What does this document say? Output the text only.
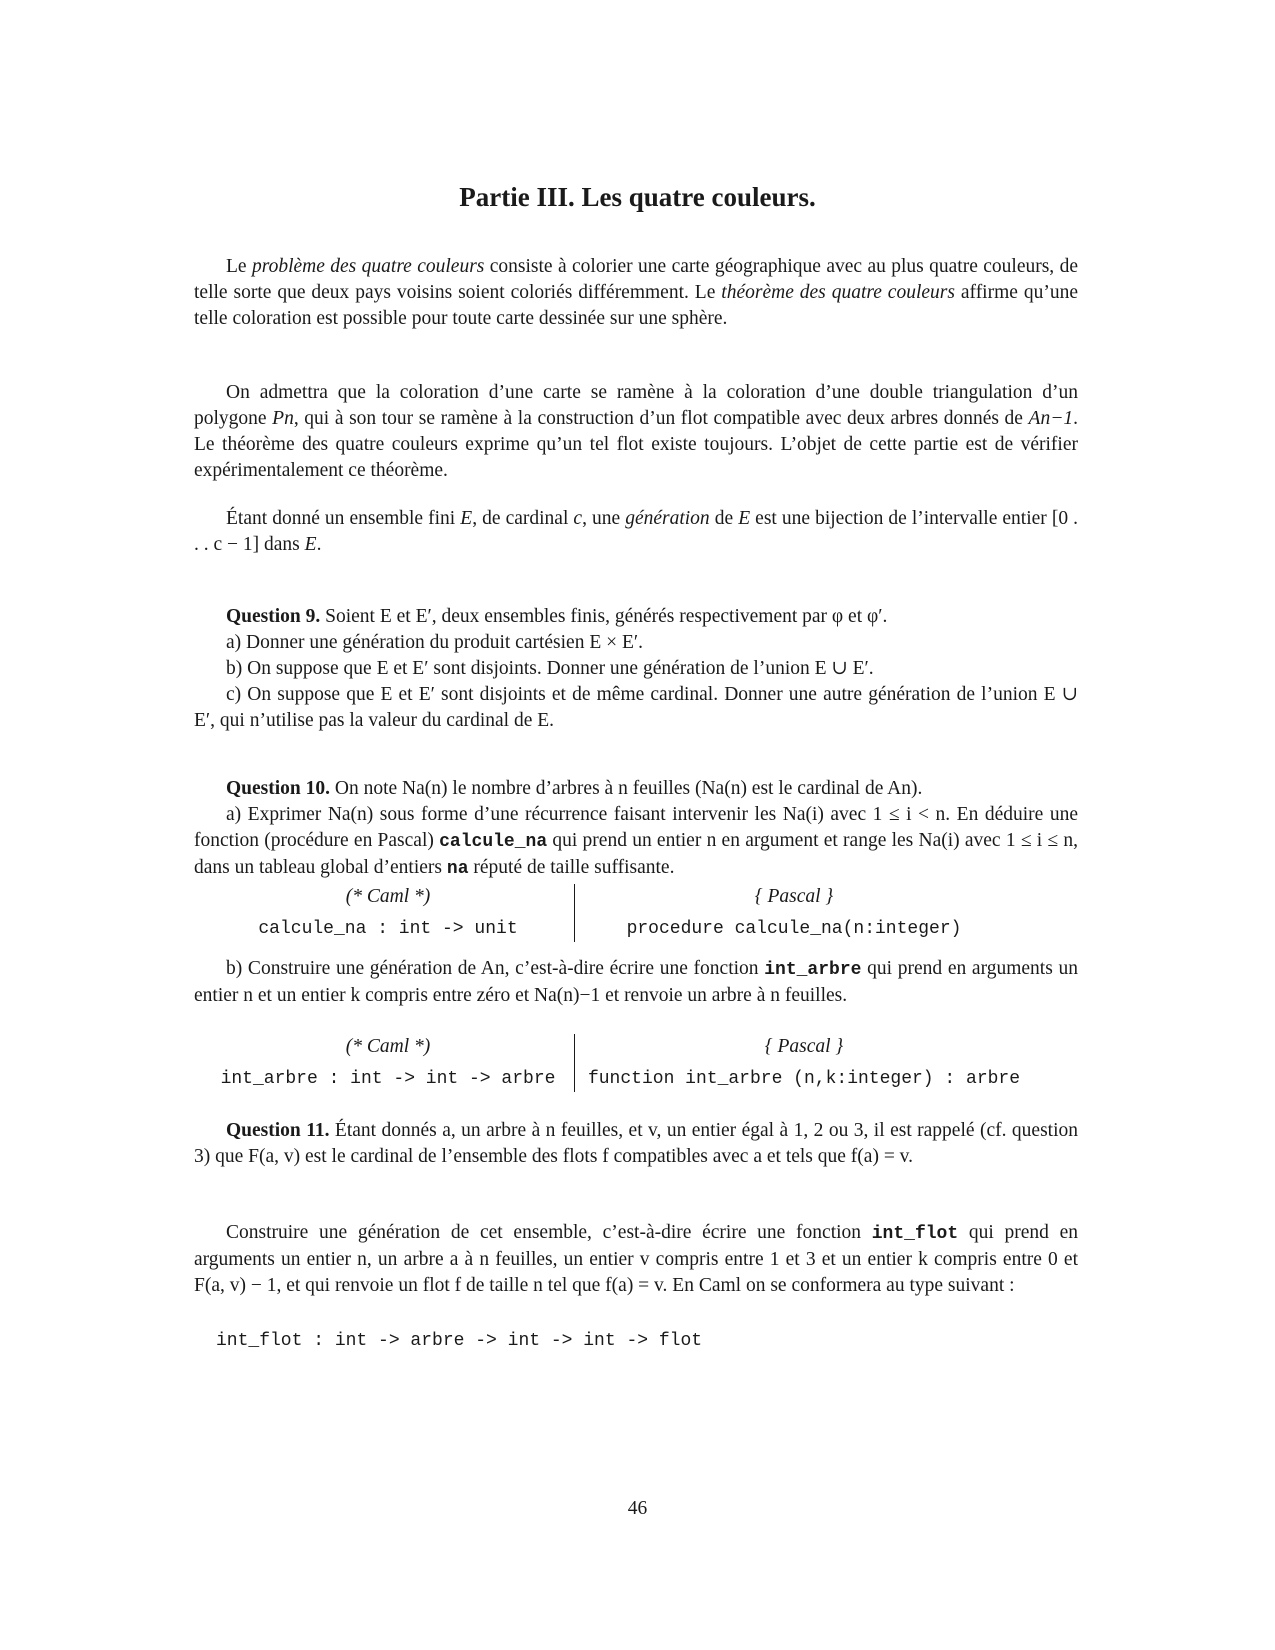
Partie III. Les quatre couleurs.

Le problème des quatre couleurs consiste à colorier une carte géographique avec au plus quatre couleurs, de telle sorte que deux pays voisins soient coloriés différemment. Le théorème des quatre couleurs affirme qu’une telle coloration est possible pour toute carte dessinée sur une sphère.

On admettra que la coloration d’une carte se ramène à la coloration d’une double triangulation d’un polygone Pn, qui à son tour se ramène à la construction d’un flot compatible avec deux arbres donnés de An−1. Le théorème des quatre couleurs exprime qu’un tel flot existe toujours. L’objet de cette partie est de vérifier expérimentalement ce théorème.

Étant donné un ensemble fini E, de cardinal c, une génération de E est une bijection de l’intervalle entier [0 . . . c − 1] dans E.

Question 9. Soient E et E′, deux ensembles finis, générés respectivement par φ et φ′.

a) Donner une génération du produit cartésien E × E′.

b) On suppose que E et E′ sont disjoints. Donner une génération de l’union E ∪ E′.

c) On suppose que E et E′ sont disjoints et de même cardinal. Donner une autre génération de l’union E ∪ E′, qui n’utilise pas la valeur du cardinal de E.

Question 10. On note Na(n) le nombre d’arbres à n feuilles (Na(n) est le cardinal de An).

a) Exprimer Na(n) sous forme d’une récurrence faisant intervenir les Na(i) avec 1 ≤ i < n. En déduire une fonction (procédure en Pascal) calcule_na qui prend un entier n en argument et range les Na(i) avec 1 ≤ i ≤ n, dans un tableau global d’entiers na réputé de taille suffisante.

(* Caml *)
calcule_na : int -> unit
{ Pascal }
procedure calcule_na(n:integer)

b) Construire une génération de An, c’est-à-dire écrire une fonction int_arbre qui prend en arguments un entier n et un entier k compris entre zéro et Na(n)−1 et renvoie un arbre à n feuilles.

(* Caml *)
int_arbre : int -> int -> arbre
{ Pascal }
function int_arbre (n,k:integer) : arbre

Question 11. Étant donnés a, un arbre à n feuilles, et v, un entier égal à 1, 2 ou 3, il est rappelé (cf. question 3) que F(a, v) est le cardinal de l’ensemble des flots f compatibles avec a et tels que f(a) = v.

Construire une génération de cet ensemble, c’est-à-dire écrire une fonction int_flot qui prend en arguments un entier n, un arbre a à n feuilles, un entier v compris entre 1 et 3 et un entier k compris entre 0 et F(a, v) − 1, et qui renvoie un flot f de taille n tel que f(a) = v. En Caml on se conformera au type suivant :

int_flot : int -> arbre -> int -> int -> flot
46
